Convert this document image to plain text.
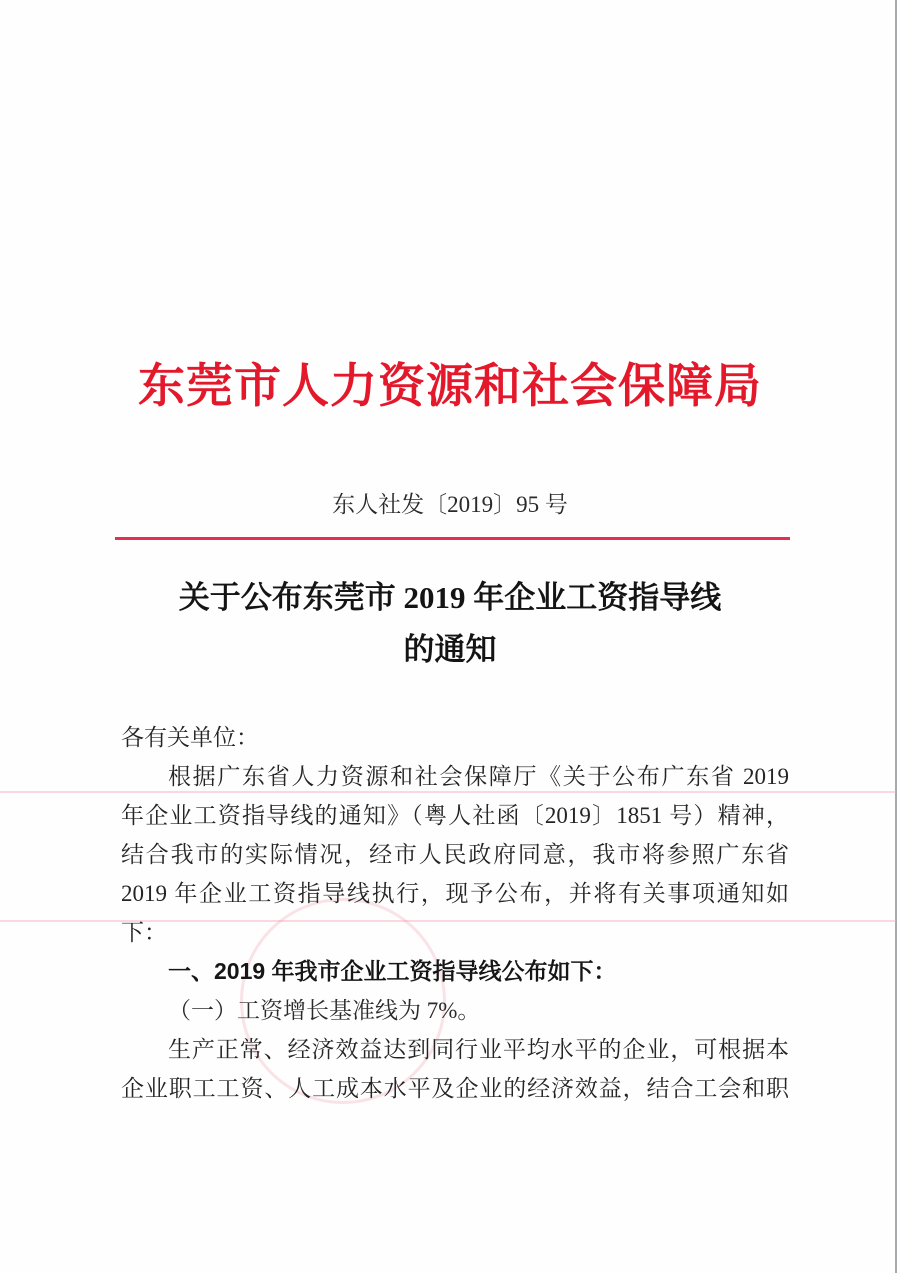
东莞市人力资源和社会保障局
东人社发〔2019〕95 号
关于公布东莞市 2019 年企业工资指导线
的通知
各有关单位：
根据广东省人力资源和社会保障厅《关于公布广东省 2019
年企业工资指导线的通知》（粤人社函〔2019〕1851 号）精神，
结合我市的实际情况，经市人民政府同意，我市将参照广东省
2019 年企业工资指导线执行，现予公布，并将有关事项通知如
下：
一、2019 年我市企业工资指导线公布如下：
（一）工资增长基准线为 7%。
生产正常、经济效益达到同行业平均水平的企业，可根据本
企业职工工资、人工成本水平及企业的经济效益，结合工会和职
